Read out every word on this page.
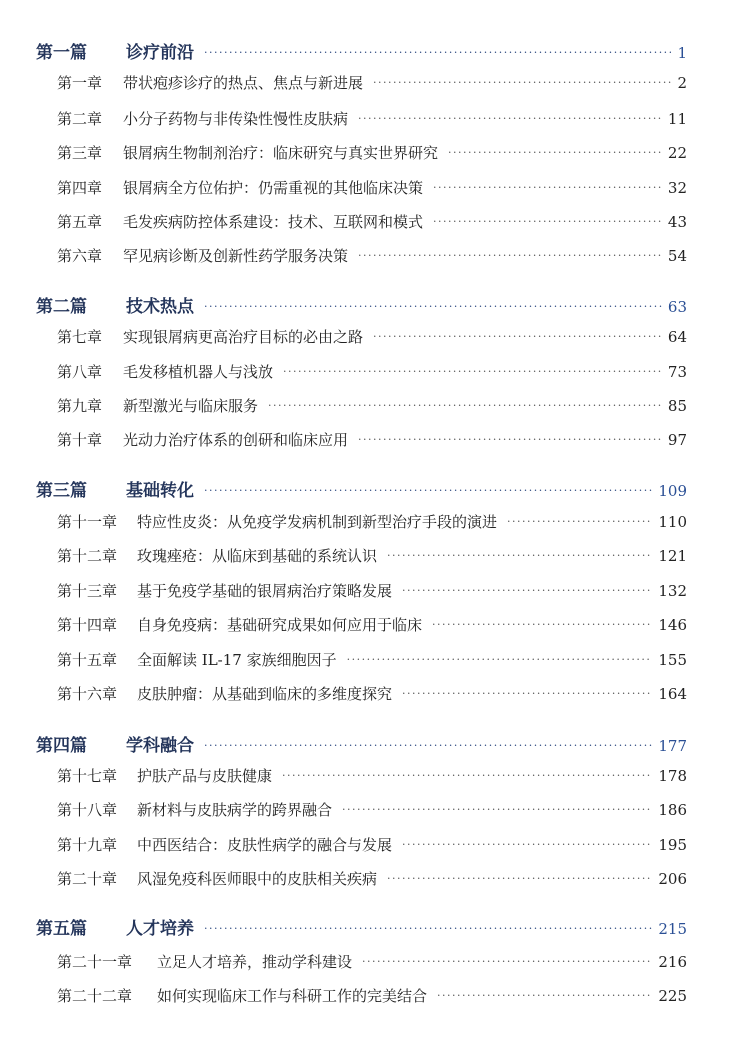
第一篇	诊疗前沿 ·····	1
第一章	带状疱疹诊疗的热点、焦点与新进展 ·····	2
第二章	小分子药物与非传染性慢性皮肤病 ·····	11
第三章	银屑病生物制剂治疗：临床研究与真实世界研究 ·····	22
第四章	银屑病全方位佑护：仍需重视的其他临床决策 ·····	32
第五章	毛发疾病防控体系建设：技术、互联网和模式 ·····	43
第六章	罕见病诊断及创新性药学服务决策 ·····	54
第二篇	技术热点 ·····	63
第七章	实现银屑病更高治疗目标的必由之路 ·····	64
第八章	毛发移植机器人与浅放 ·····	73
第九章	新型激光与临床服务 ·····	85
第十章	光动力治疗体系的创研和临床应用 ·····	97
第三篇	基础转化 ·····	109
第十一章	特应性皮炎：从免疫学发病机制到新型治疗手段的演进 ·····	110
第十二章	玫瑰痤疮：从临床到基础的系统认识 ·····	121
第十三章	基于免疫学基础的银屑病治疗策略发展 ·····	132
第十四章	自身免疫病：基础研究成果如何应用于临床 ·····	146
第十五章	全面解读 IL-17 家族细胞因子 ·····	155
第十六章	皮肤肿瘤：从基础到临床的多维度探究 ·····	164
第四篇	学科融合 ·····	177
第十七章	护肤产品与皮肤健康 ·····	178
第十八章	新材料与皮肤病学的跨界融合 ·····	186
第十九章	中西医结合：皮肤性病学的融合与发展 ·····	195
第二十章	风湿免疫科医师眼中的皮肤相关疾病 ·····	206
第五篇	人才培养 ·····	215
第二十一章	立足人才培养，推动学科建设 ·····	216
第二十二章	如何实现临床工作与科研工作的完美结合 ·····	225
